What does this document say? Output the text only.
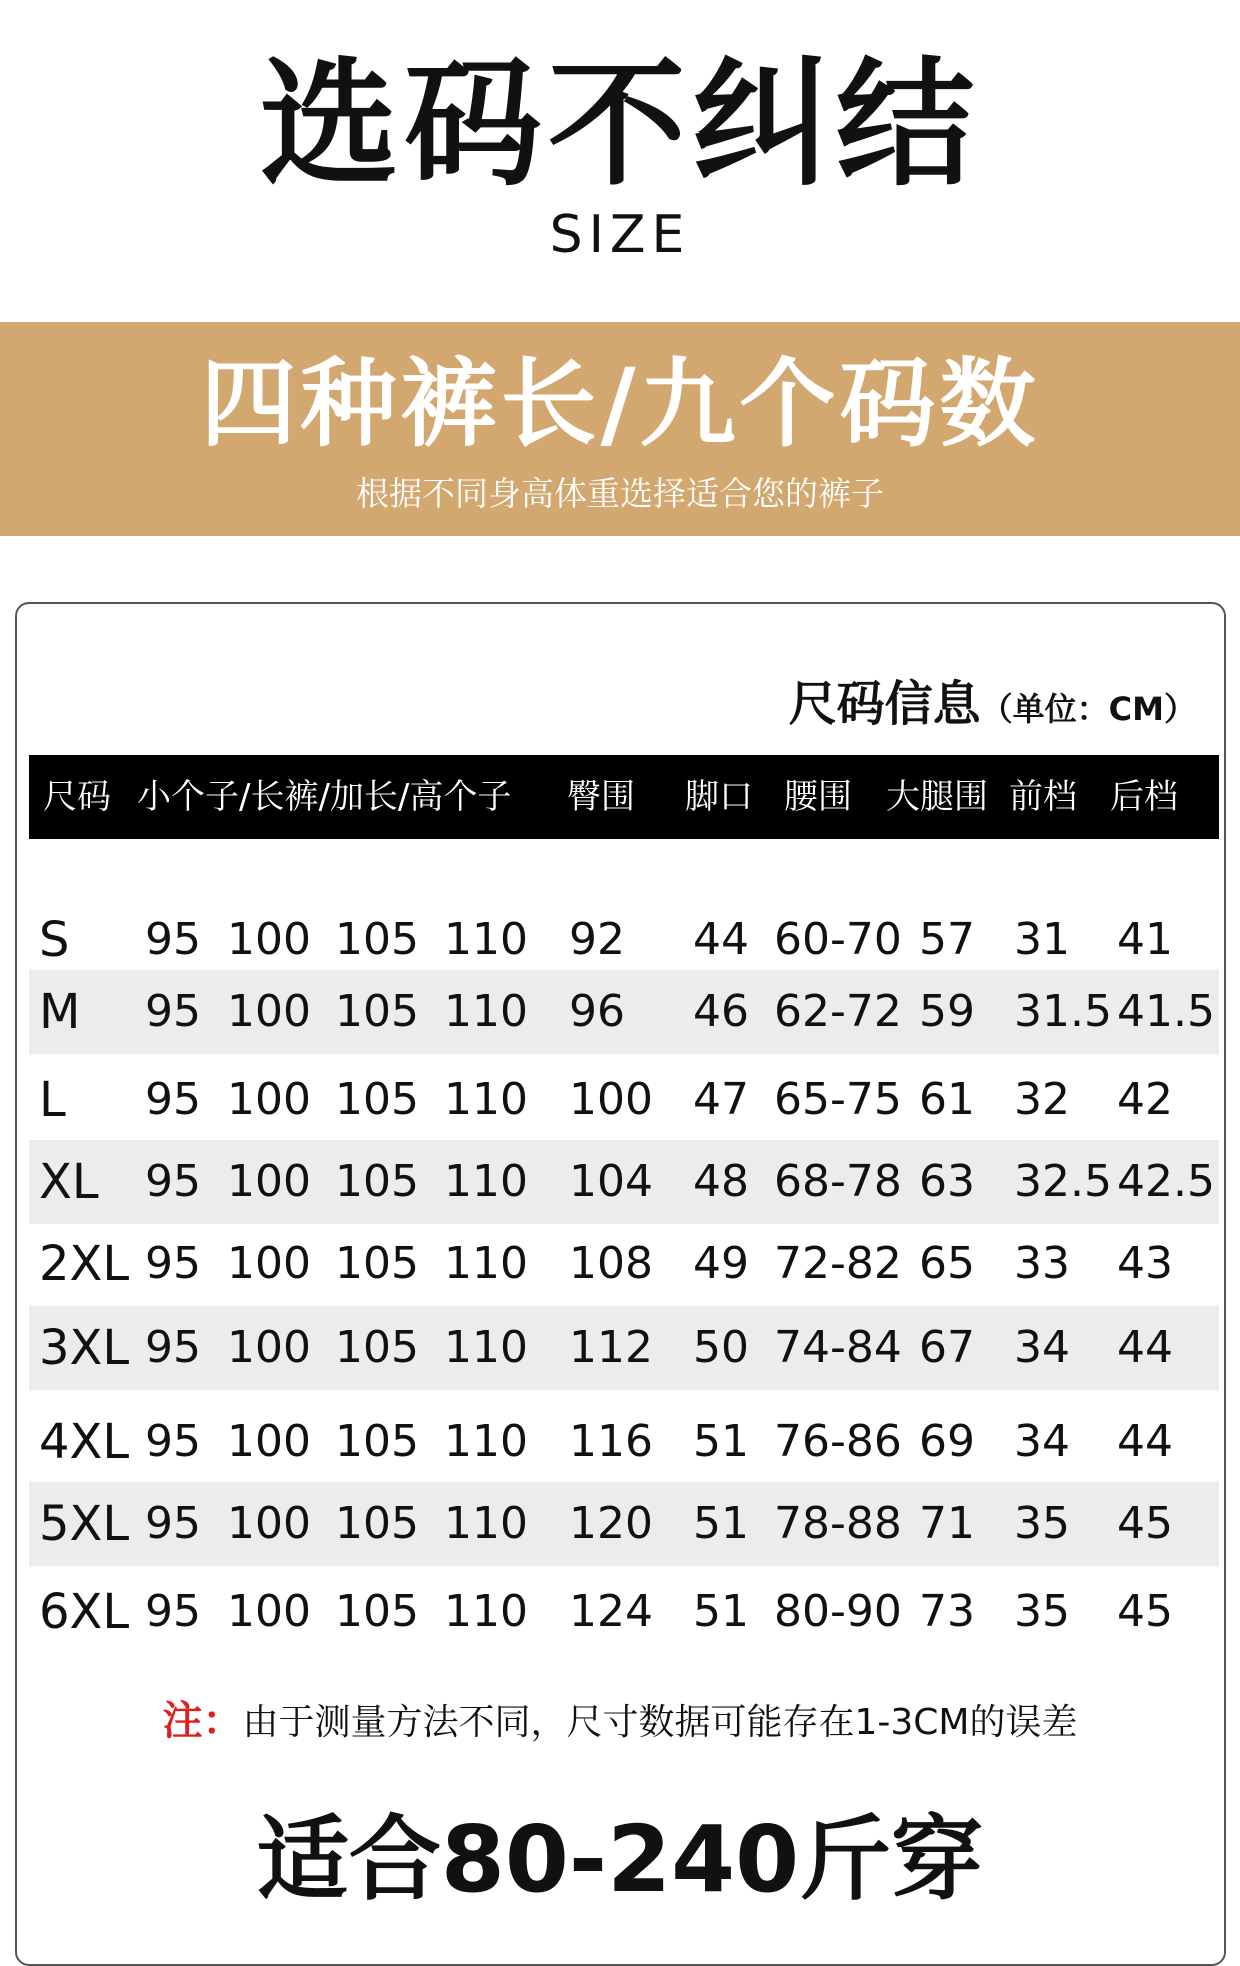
选码不纠结
SIZE
四种裤长/九个码数
根据不同身高体重选择适合您的裤子
尺码信息（单位：CM）
尺码 小个子/长裤/加长/高个子 臀围 脚口 腰围 大腿围 前档 后档
S 95 100 105 110 92 44 60-70 57 31 41
M 95 100 105 110 96 46 62-72 59 31.5 41.5
L 95 100 105 110 100 47 65-75 61 32 42
XL 95 100 105 110 104 48 68-78 63 32.5 42.5
2XL 95 100 105 110 108 49 72-82 65 33 43
3XL 95 100 105 110 112 50 74-84 67 34 44
4XL 95 100 105 110 116 51 76-86 69 34 44
5XL 95 100 105 110 120 51 78-88 71 35 45
6XL 95 100 105 110 124 51 80-90 73 35 45
注：由于测量方法不同，尺寸数据可能存在1-3CM的误差
适合80-240斤穿
